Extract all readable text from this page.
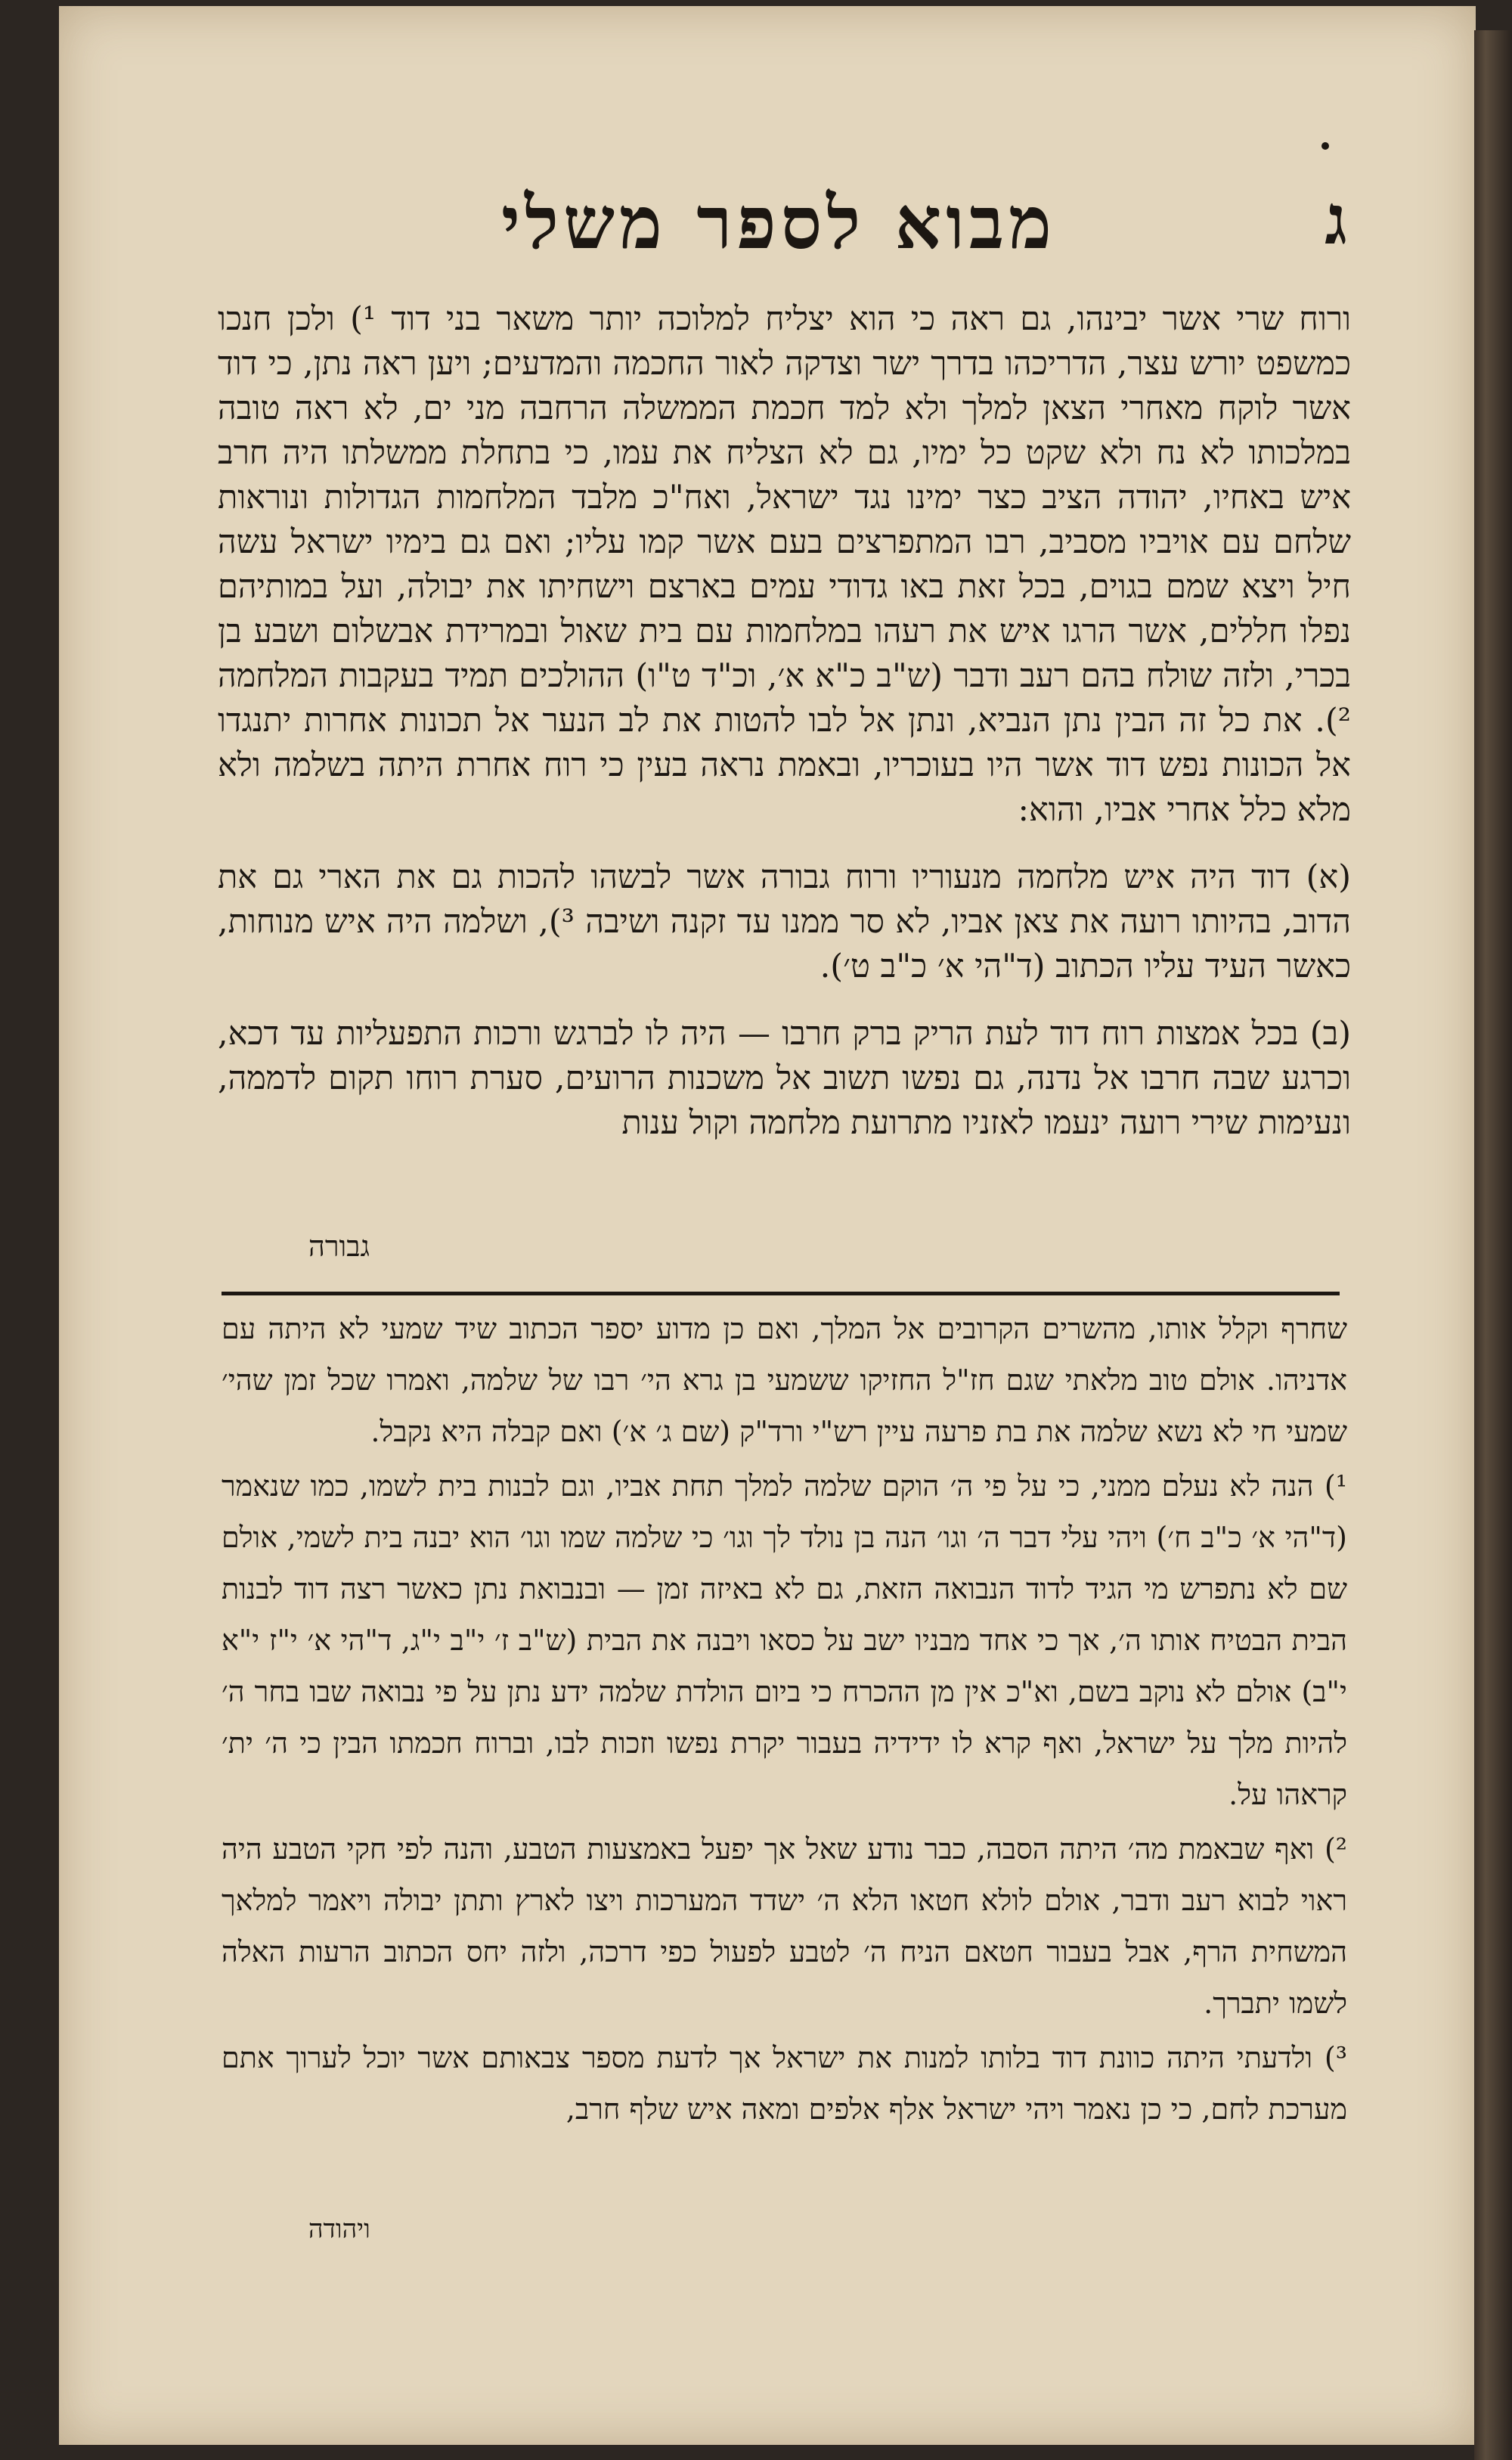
ג
מבוא לספר משלי

ורוח שרי אשר יבינהו, גם ראה כי הוא יצליח למלוכה יותר משאר בני דוד ¹) ולכן חנכו כמשפט יורש עצר, הדריכהו בדרך ישר וצדקה לאור החכמה והמדעים; ויען ראה נתן, כי דוד אשר לוקח מאחרי הצאן למלך ולא למד חכמת הממשלה הרחבה מני ים, לא ראה טובה במלכותו לא נח ולא שקט כל ימיו, גם לא הצליח את עמו, כי בתחלת ממשלתו היה חרב איש באחיו, יהודה הציב כצר ימינו נגד ישראל, ואח"כ מלבד המלחמות הגדולות ונוראות שלחם עם אויביו מסביב, רבו המתפרצים בעם אשר קמו עליו; ואם גם בימיו ישראל עשה חיל ויצא שמם בגוים, בכל זאת באו גדודי עמים בארצם וישחיתו את יבולה, ועל במותיהם נפלו חללים, אשר הרגו איש את רעהו במלחמות עם בית שאול ובמרידת אבשלום ושבע בן בכרי, ולזה שולח בהם רעב ודבר (ש"ב כ"א א׳, וכ"ד ט"ו) ההולכים תמיד בעקבות המלחמה ²). את כל זה הבין נתן הנביא, ונתן אל לבו להטות את לב הנער אל תכונות אחרות יתנגדו אל הכונות נפש דוד אשר היו בעוכריו, ובאמת נראה בעין כי רוח אחרת היתה בשלמה ולא מלא כלל אחרי אביו, והוא:

(א) דוד היה איש מלחמה מנעוריו ורוח גבורה אשר לבשהו להכות גם את הארי גם את הדוב, בהיותו רועה את צאן אביו, לא סר ממנו עד זקנה ושיבה ³), ושלמה היה איש מנוחות, כאשר העיד עליו הכתוב (ד"הי א׳ כ"ב ט׳).

(ב) בכל אמצות רוח דוד לעת הריק ברק חרבו — היה לו לברגש ורכות התפעליות עד דכא, וכרגע שבה חרבו אל נדנה, גם נפשו תשוב אל משכנות הרועים, סערת רוחו תקום לדממה, ונעימות שירי רועה ינעמו לאזניו מתרועת מלחמה וקול ענות

גבורה

שחרף וקלל אותו, מהשרים הקרובים אל המלך, ואם כן מדוע יספר הכתוב שיד שמעי לא היתה עם אדניהו. אולם טוב מלאתי שגם חז"ל החזיקו ששמעי בן גרא הי׳ רבו של שלמה, ואמרו שכל זמן שהי׳ שמעי חי לא נשא שלמה את בת פרעה עיין רש"י ורד"ק (שם ג׳ א׳) ואם קבלה היא נקבל.

¹) הנה לא נעלם ממני, כי על פי ה׳ הוקם שלמה למלך תחת אביו, וגם לבנות בית לשמו, כמו שנאמר (ד"הי א׳ כ"ב ח׳) ויהי עלי דבר ה׳ וגו׳ הנה בן נולד לך וגו׳ כי שלמה שמו וגו׳ הוא יבנה בית לשמי, אולם שם לא נתפרש מי הגיד לדוד הנבואה הזאת, גם לא באיזה זמן — ובנבואת נתן כאשר רצה דוד לבנות הבית הבטיח אותו ה׳, אך כי אחד מבניו ישב על כסאו ויבנה את הבית (ש"ב ז׳ י"ב י"ג, ד"הי א׳ י"ז י"א י"ב) אולם לא נוקב בשם, וא"כ אין מן ההכרח כי ביום הולדת שלמה ידע נתן על פי נבואה שבו בחר ה׳ להיות מלך על ישראל, ואף קרא לו ידידיה בעבור יקרת נפשו וזכות לבו, וברוח חכמתו הבין כי ה׳ ית׳ קראהו על.

²) ואף שבאמת מה׳ היתה הסבה, כבר נודע שאל אך יפעל באמצעות הטבע, והנה לפי חקי הטבע היה ראוי לבוא רעב ודבר, אולם לולא חטאו הלא ה׳ ישדד המערכות ויצו לארץ ותתן יבולה ויאמר למלאך המשחית הרף, אבל בעבור חטאם הניח ה׳ לטבע לפעול כפי דרכה, ולזה יחס הכתוב הרעות האלה לשמו יתברך.

³) ולדעתי היתה כוונת דוד בלותו למנות את ישראל אך לדעת מספר צבאותם אשר יוכל לערוך אתם מערכת לחם, כי כן נאמר ויהי ישראל אלף אלפים ומאה איש שלף חרב,

ויהודה
